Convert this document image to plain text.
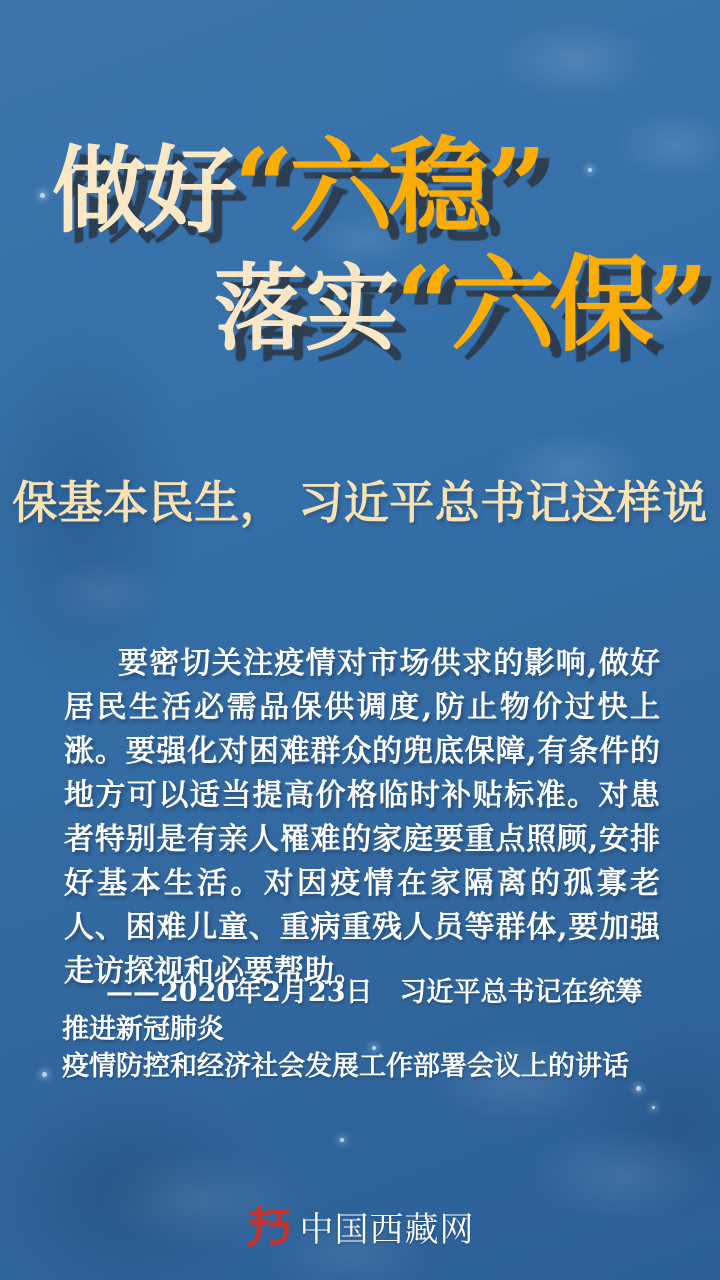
做好 “六稳”
落实 “六保”
保基本民生， 习近平总书记这样说
要密切关注疫情对市场供求的影响,做好居民生活必需品保供调度,防止物价过快上涨。要强化对困难群众的兜底保障,有条件的地方可以适当提高价格临时补贴标准。对患者特别是有亲人罹难的家庭要重点照顾,安排好基本生活。对因疫情在家隔离的孤寡老人、困难儿童、重病重残人员等群体,要加强走访探视和必要帮助。
——2020年2月23日　习近平总书记在统筹推进新冠肺炎
疫情防控和经济社会发展工作部署会议上的讲话
中国西藏网
